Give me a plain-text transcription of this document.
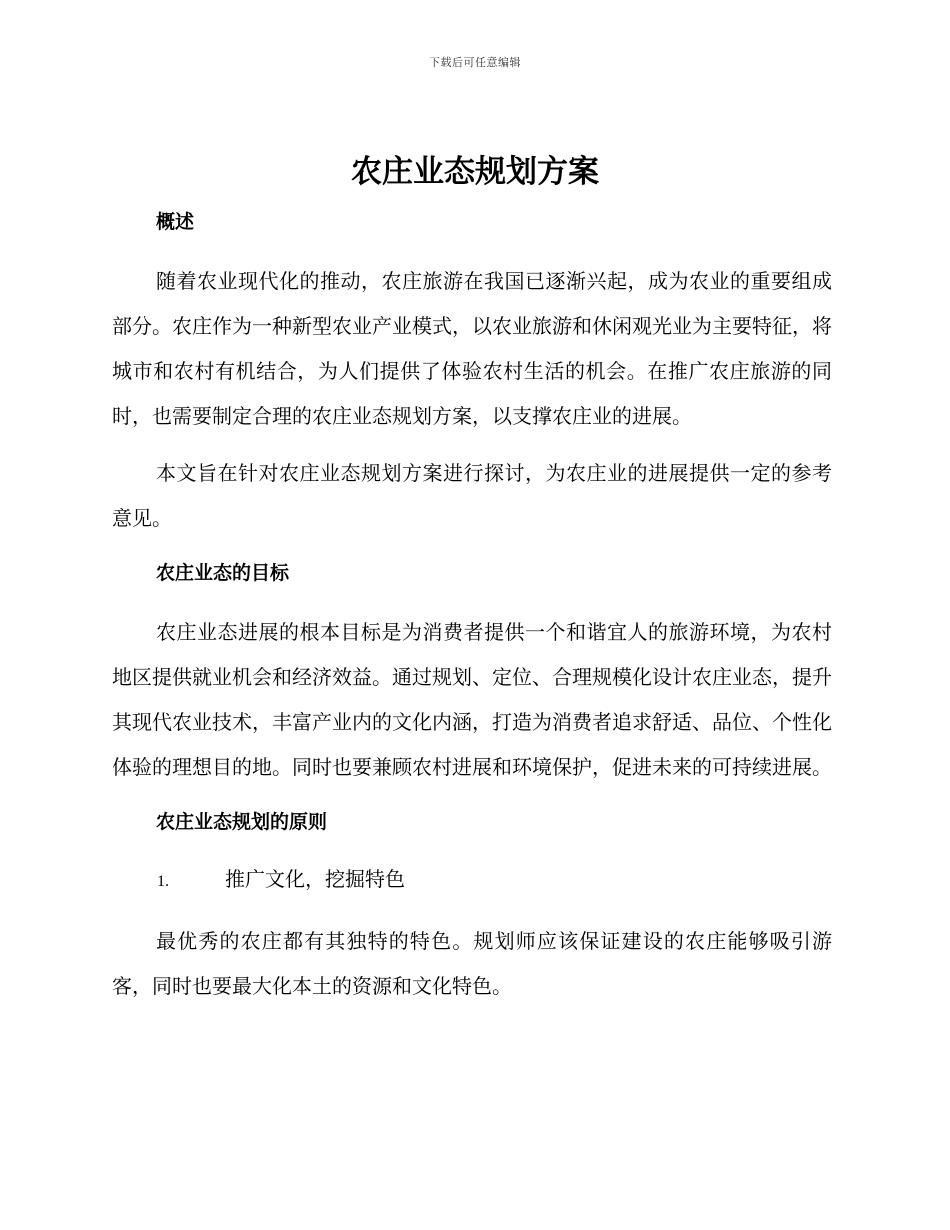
下载后可任意编辑
农庄业态规划方案
概述

随着农业现代化的推动，农庄旅游在我国已逐渐兴起，成为农业的重要组成部分。农庄作为一种新型农业产业模式，以农业旅游和休闲观光业为主要特征，将城市和农村有机结合，为人们提供了体验农村生活的机会。在推广农庄旅游的同时，也需要制定合理的农庄业态规划方案，以支撑农庄业的进展。

本文旨在针对农庄业态规划方案进行探讨，为农庄业的进展提供一定的参考意见。

农庄业态的目标

农庄业态进展的根本目标是为消费者提供一个和谐宜人的旅游环境，为农村地区提供就业机会和经济效益。通过规划、定位、合理规模化设计农庄业态，提升其现代农业技术，丰富产业内的文化内涵，打造为消费者追求舒适、品位、个性化体验的理想目的地。同时也要兼顾农村进展和环境保护，促进未来的可持续进展。

农庄业态规划的原则
1.	推广文化，挖掘特色

最优秀的农庄都有其独特的特色。规划师应该保证建设的农庄能够吸引游客，同时也要最大化本土的资源和文化特色。
